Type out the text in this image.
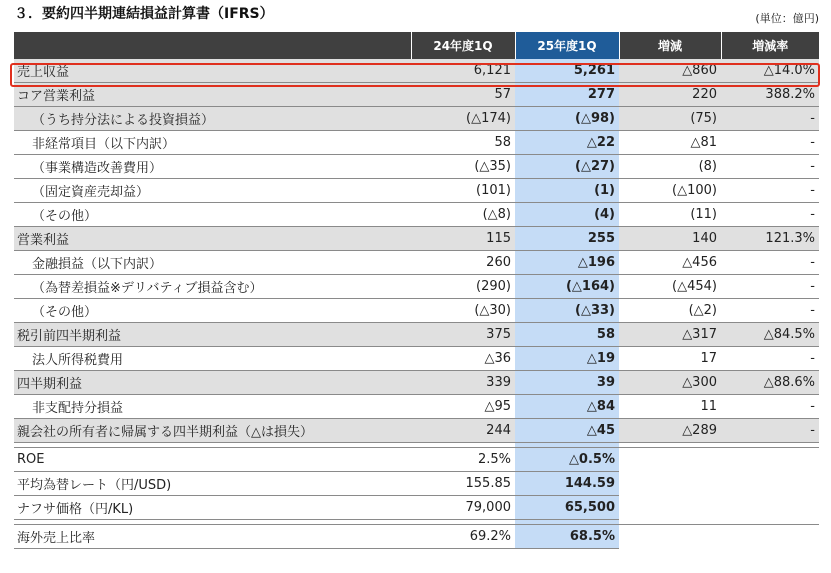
３．要約四半期連結損益計算書（IFRS）	(単位：億円)
	24年度1Q	25年度1Q	増減	増減率
売上収益	6,121	5,261	△860	△14.0%
コア営業利益	57	277	220	388.2%
（うち持分法による投資損益）	(△174)	(△98)	(75)	-
非経常項目（以下内訳）	58	△22	△81	-
（事業構造改善費用）	(△35)	(△27)	(8)	-
（固定資産売却益）	(101)	(1)	(△100)	-
（その他）	(△8)	(4)	(11)	-
営業利益	115	255	140	121.3%
金融損益（以下内訳）	260	△196	△456	-
（為替差損益※デリバティブ損益含む）	(290)	(△164)	(△454)	-
（その他）	(△30)	(△33)	(△2)	-
税引前四半期利益	375	58	△317	△84.5%
法人所得税費用	△36	△19	17	-
四半期利益	339	39	△300	△88.6%
非支配持分損益	△95	△84	11	-
親会社の所有者に帰属する四半期利益（△は損失）	244	△45	△289	-

ROE	2.5%	△0.5%		
平均為替レート（円/USD)	155.85	144.59		
ナフサ価格（円/KL)	79,000	65,500		

海外売上比率	69.2%	68.5%		
